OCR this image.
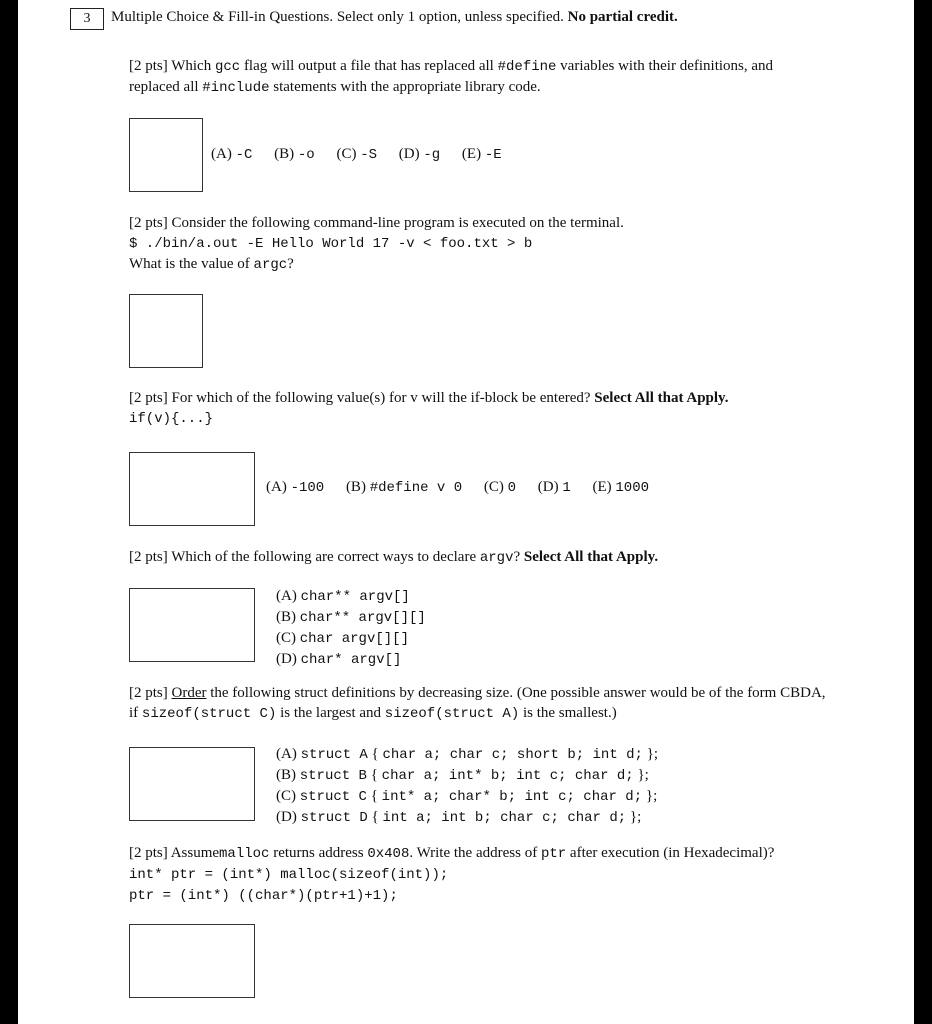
3	Multiple Choice & Fill-in Questions. Select only 1 option, unless specified. No partial credit.
[2 pts] Which gcc flag will output a file that has replaced all #define variables with their definitions, and
replaced all #include statements with the appropriate library code.
(A) -C (B) -o (C) -S (D) -g (E) -E
[2 pts] Consider the following command-line program is executed on the terminal.
$ ./bin/a.out -E Hello World 17 -v < foo.txt > b
What is the value of argc?
[2 pts] For which of the following value(s) for v will the if-block be entered? Select All that Apply.
if(v){...}
(A) -100 (B) #define v 0 (C) 0 (D) 1 (E) 1000
[2 pts] Which of the following are correct ways to declare argv? Select All that Apply.
(A) char** argv[]
(B) char** argv[][]
(C) char argv[][]
(D) char* argv[]
[2 pts] Order the following struct definitions by decreasing size. (One possible answer would be of the form CBDA,
if sizeof(struct C) is the largest and sizeof(struct A) is the smallest.)
(A) struct A { char a; char c; short b; int d; };
(B) struct B { char a; int* b; int c; char d; };
(C) struct C { int* a; char* b; int c; char d; };
(D) struct D { int a; int b; char c; char d; };
[2 pts] Assumemalloc returns address 0x408. Write the address of ptr after execution (in Hexadecimal)?
int* ptr = (int*) malloc(sizeof(int));
ptr = (int*) ((char*)(ptr+1)+1);
